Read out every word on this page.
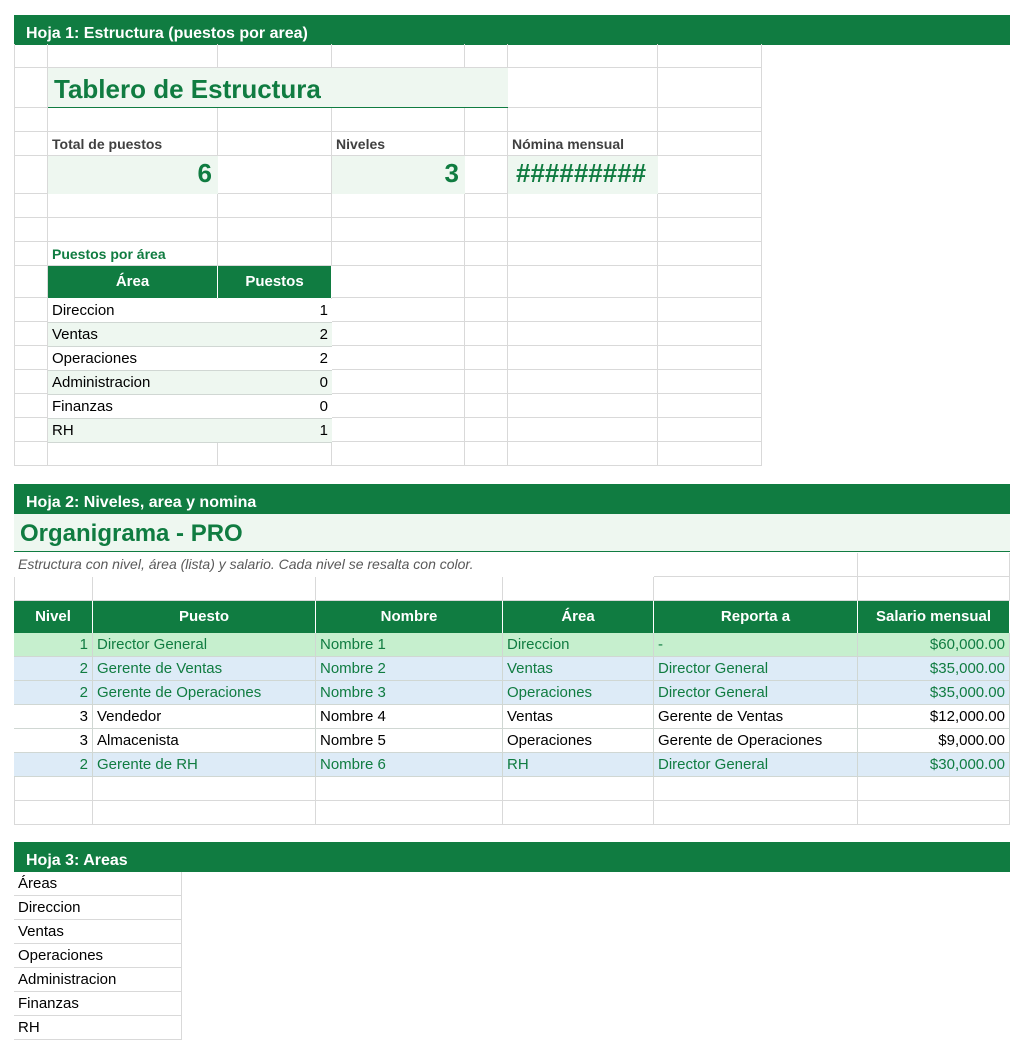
Hoja 1: Estructura (puestos por area)
Tablero de Estructura
Total de puestos
6
Niveles
3
Nómina mensual
#########
Puestos por área
Área	Puestos
Direccion	1
Ventas	2
Operaciones	2
Administracion	0
Finanzas	0
RH	1
Hoja 2: Niveles, area y nomina
Organigrama - PRO
Estructura con nivel, área (lista) y salario. Cada nivel se resalta con color.
Nivel	Puesto	Nombre	Área	Reporta a	Salario mensual
1 Director General	Nombre 1	Direccion	-	$60,000.00
2 Gerente de Ventas	Nombre 2	Ventas	Director General	$35,000.00
2 Gerente de Operaciones	Nombre 3	Operaciones	Director General	$35,000.00
3 Vendedor	Nombre 4	Ventas	Gerente de Ventas	$12,000.00
3 Almacenista	Nombre 5	Operaciones	Gerente de Operaciones	$9,000.00
2 Gerente de RH	Nombre 6	RH	Director General	$30,000.00
Hoja 3: Areas
Áreas
Direccion
Ventas
Operaciones
Administracion
Finanzas
RH
